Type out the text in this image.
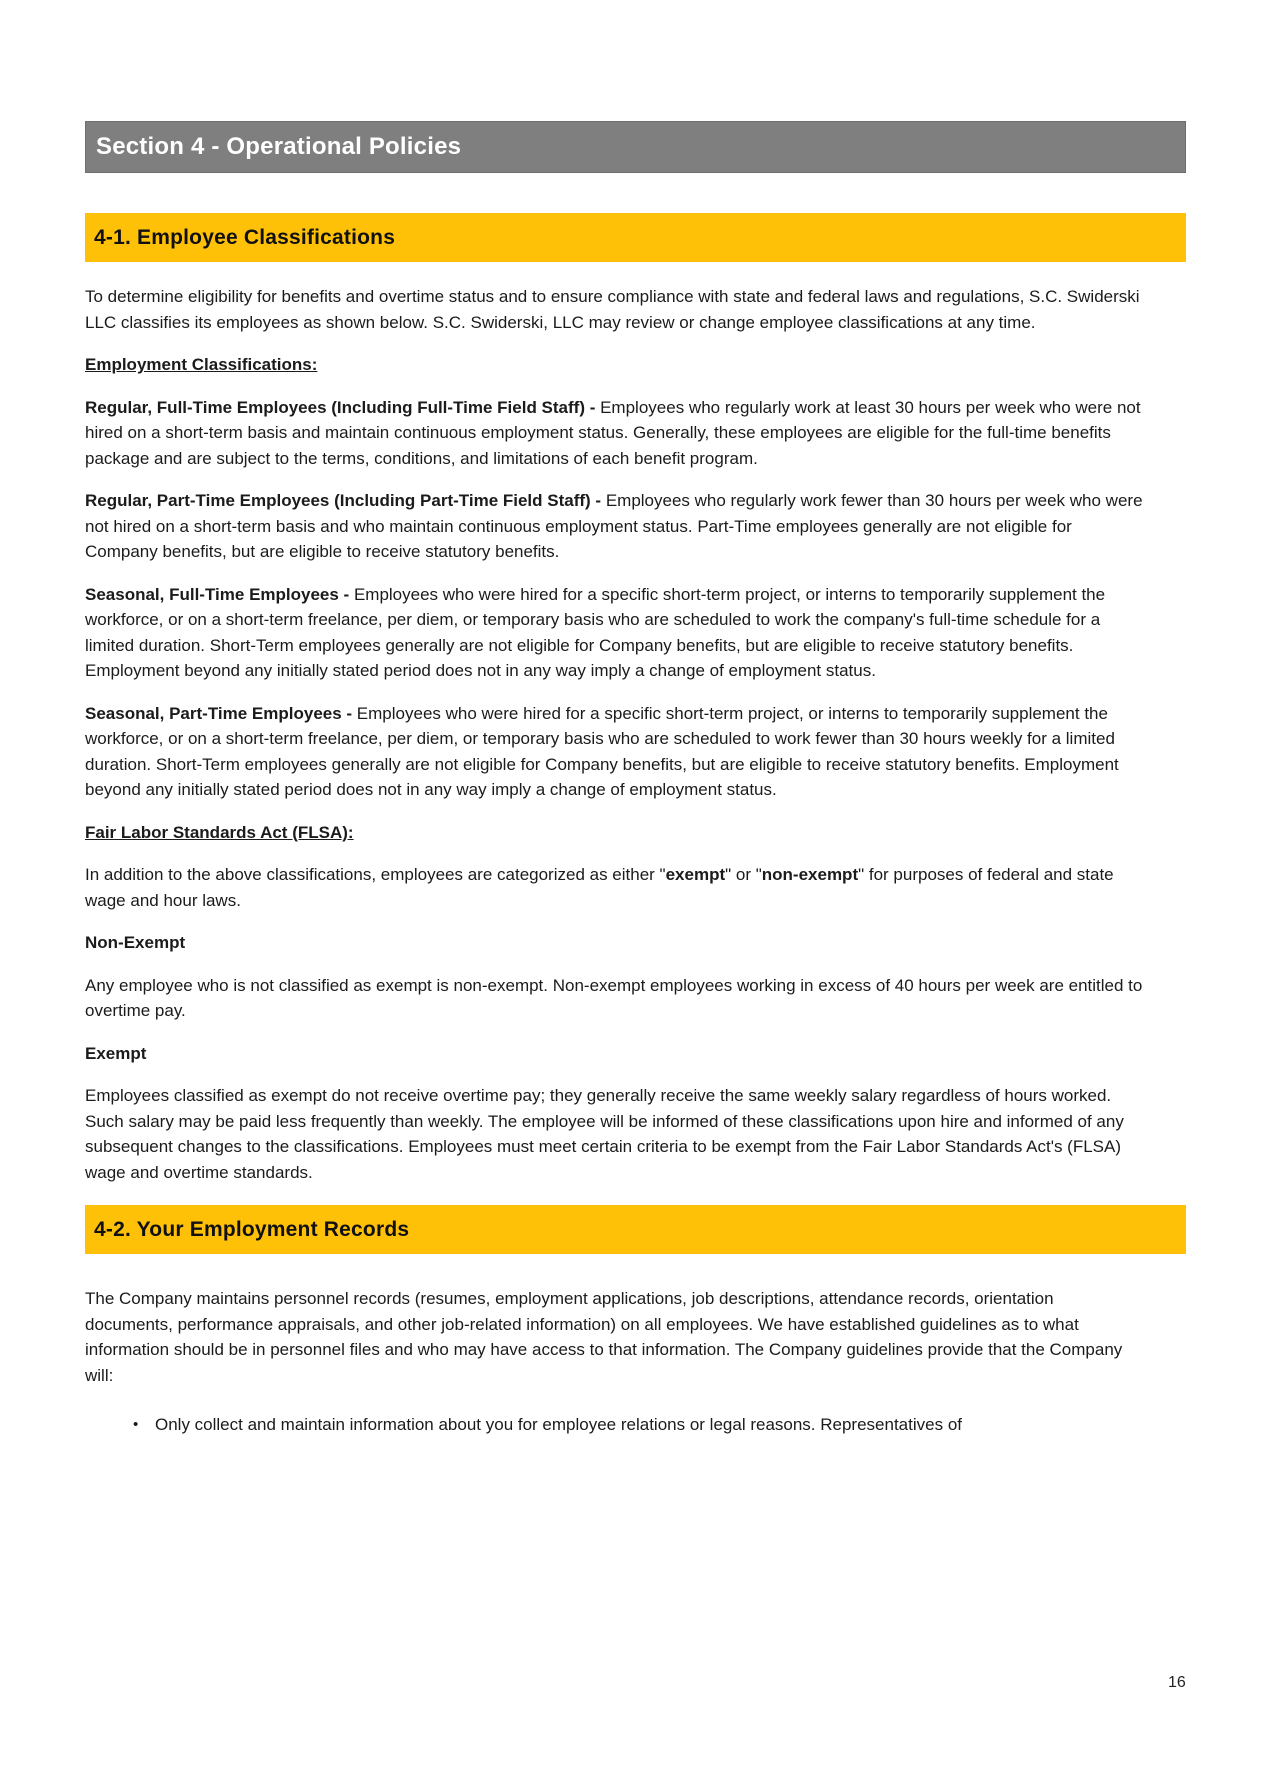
Section 4 - Operational Policies
4-1. Employee Classifications

To determine eligibility for benefits and overtime status and to ensure compliance with state and federal laws and regulations, S.C. Swiderski LLC classifies its employees as shown below. S.C. Swiderski, LLC may review or change employee classifications at any time.

Employment Classifications:

Regular, Full-Time Employees (Including Full-Time Field Staff) - Employees who regularly work at least 30 hours per week who were not hired on a short-term basis and maintain continuous employment status. Generally, these employees are eligible for the full-time benefits package and are subject to the terms, conditions, and limitations of each benefit program.

Regular, Part-Time Employees (Including Part-Time Field Staff) - Employees who regularly work fewer than 30 hours per week who were not hired on a short-term basis and who maintain continuous employment status. Part-Time employees generally are not eligible for Company benefits, but are eligible to receive statutory benefits.

Seasonal, Full-Time Employees - Employees who were hired for a specific short-term project, or interns to temporarily supplement the workforce, or on a short-term freelance, per diem, or temporary basis who are scheduled to work the company's full-time schedule for a limited duration. Short-Term employees generally are not eligible for Company benefits, but are eligible to receive statutory benefits. Employment beyond any initially stated period does not in any way imply a change of employment status.

Seasonal, Part-Time Employees - Employees who were hired for a specific short-term project, or interns to temporarily supplement the workforce, or on a short-term freelance, per diem, or temporary basis who are scheduled to work fewer than 30 hours weekly for a limited duration. Short-Term employees generally are not eligible for Company benefits, but are eligible to receive statutory benefits. Employment beyond any initially stated period does not in any way imply a change of employment status.

Fair Labor Standards Act (FLSA):

In addition to the above classifications, employees are categorized as either "exempt" or "non-exempt" for purposes of federal and state wage and hour laws.

Non-Exempt

Any employee who is not classified as exempt is non-exempt. Non-exempt employees working in excess of 40 hours per week are entitled to overtime pay.

Exempt

Employees classified as exempt do not receive overtime pay; they generally receive the same weekly salary regardless of hours worked. Such salary may be paid less frequently than weekly. The employee will be informed of these classifications upon hire and informed of any subsequent changes to the classifications. Employees must meet certain criteria to be exempt from the Fair Labor Standards Act's (FLSA) wage and overtime standards.

4-2. Your Employment Records

The Company maintains personnel records (resumes, employment applications, job descriptions, attendance records, orientation documents, performance appraisals, and other job-related information) on all employees. We have established guidelines as to what information should be in personnel files and who may have access to that information. The Company guidelines provide that the Company will:

• Only collect and maintain information about you for employee relations or legal reasons. Representatives of
16
